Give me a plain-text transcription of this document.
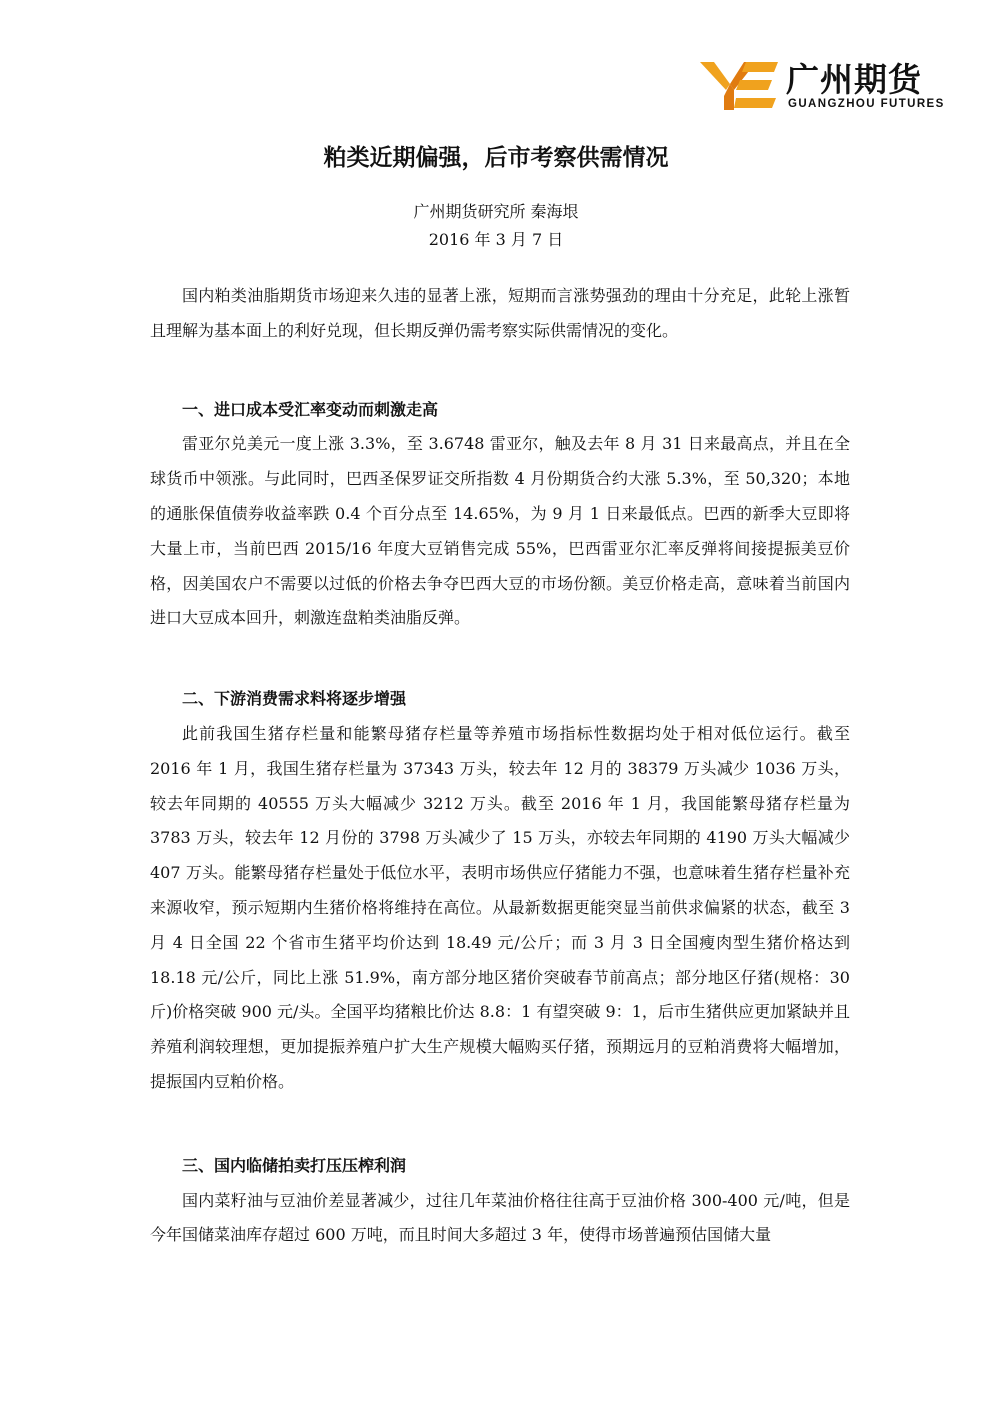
广州期货
GUANGZHOU FUTURES
粕类近期偏强，后市考察供需情况
广州期货研究所 秦海垠
2016 年 3 月 7 日

国内粕类油脂期货市场迎来久违的显著上涨，短期而言涨势强劲的理由十分充足，此轮上涨暂且理解为基本面上的利好兑现，但长期反弹仍需考察实际供需情况的变化。

一、进口成本受汇率变动而刺激走高

雷亚尔兑美元一度上涨 3.3%，至 3.6748 雷亚尔，触及去年 8 月 31 日来最高点，并且在全球货币中领涨。与此同时，巴西圣保罗证交所指数 4 月份期货合约大涨 5.3%，至 50,320；本地的通胀保值债券收益率跌 0.4 个百分点至 14.65%，为 9 月 1 日来最低点。巴西的新季大豆即将大量上市，当前巴西 2015/16 年度大豆销售完成 55%，巴西雷亚尔汇率反弹将间接提振美豆价格，因美国农户不需要以过低的价格去争夺巴西大豆的市场份额。美豆价格走高，意味着当前国内进口大豆成本回升，刺激连盘粕类油脂反弹。

二、下游消费需求料将逐步增强

此前我国生猪存栏量和能繁母猪存栏量等养殖市场指标性数据均处于相对低位运行。截至 2016 年 1 月，我国生猪存栏量为 37343 万头，较去年 12 月的 38379 万头减少 1036 万头，较去年同期的 40555 万头大幅减少 3212 万头。截至 2016 年 1 月，我国能繁母猪存栏量为 3783 万头，较去年 12 月份的 3798 万头减少了 15 万头，亦较去年同期的 4190 万头大幅减少 407 万头。能繁母猪存栏量处于低位水平，表明市场供应仔猪能力不强，也意味着生猪存栏量补充来源收窄，预示短期内生猪价格将维持在高位。从最新数据更能突显当前供求偏紧的状态，截至 3 月 4 日全国 22 个省市生猪平均价达到 18.49 元/公斤；而 3 月 3 日全国瘦肉型生猪价格达到 18.18 元/公斤，同比上涨 51.9%，南方部分地区猪价突破春节前高点；部分地区仔猪(规格：30 斤)价格突破 900 元/头。全国平均猪粮比价达 8.8：1 有望突破 9：1，后市生猪供应更加紧缺并且养殖利润较理想，更加提振养殖户扩大生产规模大幅购买仔猪，预期远月的豆粕消费将大幅增加，提振国内豆粕价格。

三、国内临储拍卖打压压榨利润

国内菜籽油与豆油价差显著减少，过往几年菜油价格往往高于豆油价格 300-400 元/吨，但是今年国储菜油库存超过 600 万吨，而且时间大多超过 3 年，使得市场普遍预估国储大量
